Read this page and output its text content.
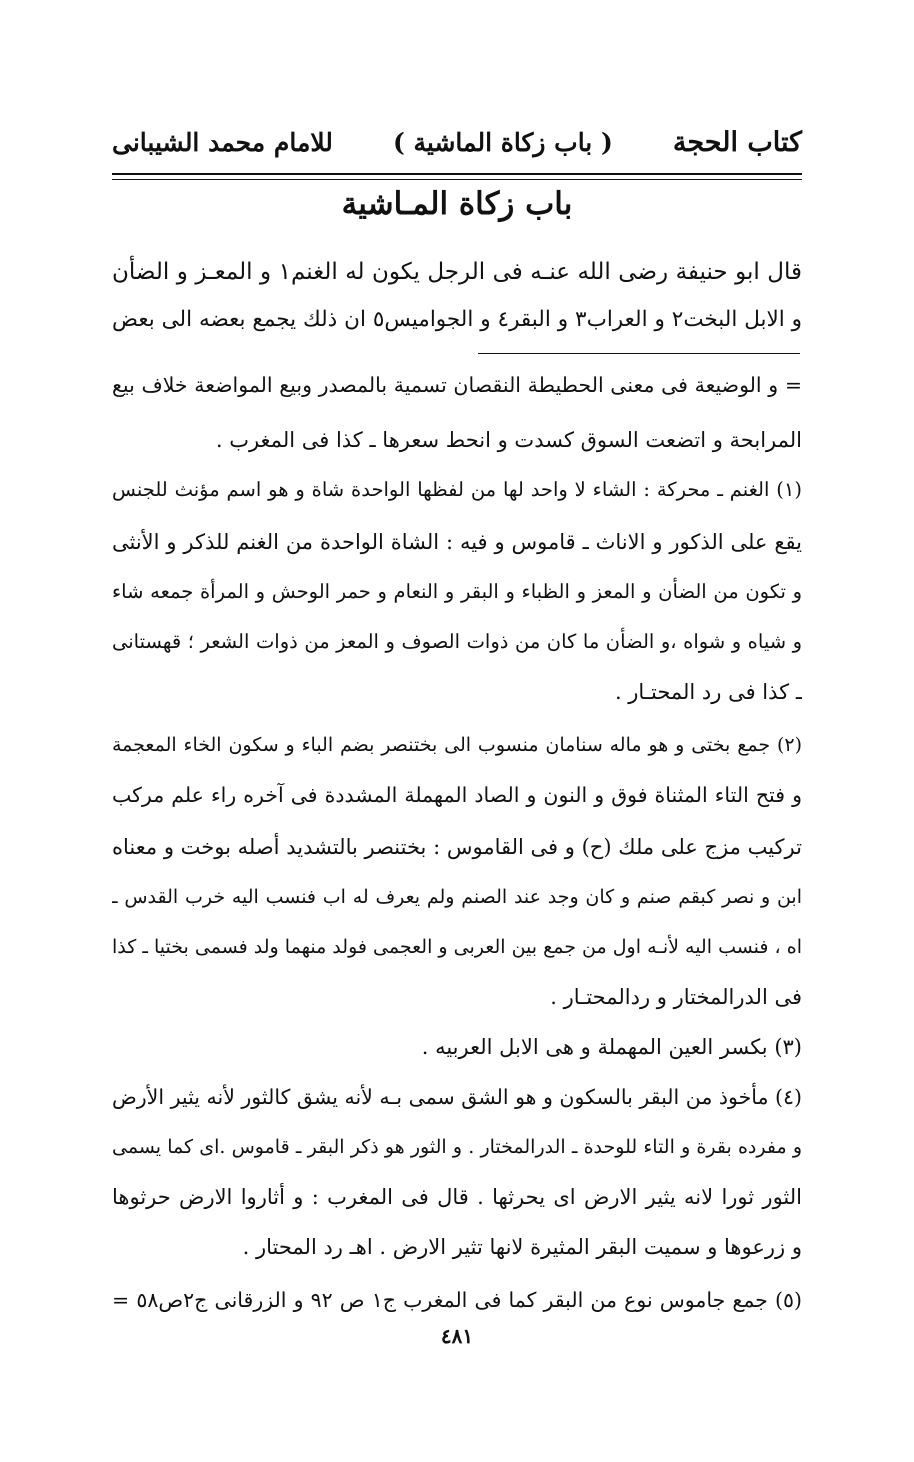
كتاب الحجة
( باب زكاة الماشية )
للامام محمد الشيبانى
باب زكاة المـاشية
قال ابو حنيفة رضى الله عنـه فى الرجل يكون له الغنم١ و المعـز و الضأن
و الابل البخت٢ و العراب٣ و البقر٤ و الجواميس٥ ان ذلك يجمع بعضه الى بعض
= و الوضيعة فى معنى الحطيطة النقصان تسمية بالمصدر وبيع المواضعة خلاف بيع
المرابحة و اتضعت السوق كسدت و انحط سعرها ـ كذا فى المغرب .
(١) الغنم ـ محركة : الشاء لا واحد لها من لفظها الواحدة شاة و هو اسم مؤنث للجنس
يقع على الذكور و الاناث ـ قاموس و فيه : الشاة الواحدة من الغنم للذكر و الأنثى
و تكون من الضأن و المعز و الظباء و البقر و النعام و حمر الوحش و المرأة جمعه شاء
و شياه و شواه ،و الضأن ما كان من ذوات الصوف و المعز من ذوات الشعر ؛ قهستانى
ـ كذا فى رد المحتـار .
(٢) جمع بختى و هو ماله سنامان منسوب الى بختنصر بضم الباء و سكون الخاء المعجمة
و فتح التاء المثناة فوق و النون و الصاد المهملة المشددة فى آخره راء علم مركب
تركيب مزج على ملك (ح) و فى القاموس : بختنصر بالتشديد أصله بوخت و معناه
ابن و نصر كبقم صنم و كان وجد عند الصنم ولم يعرف له اب فنسب اليه خرب القدس ـ
اه ، فنسب اليه لأنـه اول من جمع بين العربى و العجمى فولد منهما ولد فسمى بختيا ـ كذا
فى الدرالمختار و ردالمحتـار .
(٣) بكسر العين المهملة و هى الابل العربيه .
(٤) مأخوذ من البقر بالسكون و هو الشق سمى بـه لأنه يشق كالثور لأنه يثير الأرض
و مفرده بقرة و التاء للوحدة ـ الدرالمختار . و الثور هو ذكر البقر ـ قاموس .اى كما يسمى
الثور ثورا لانه يثير الارض اى يحرثها . قال فى المغرب : و أثاروا الارض حرثوها
و زرعوها و سميت البقر المثيرة لانها تثير الارض . اهـ رد المحتار .
(٥) جمع جاموس نوع من البقر كما فى المغرب ج١ ص ٩٢ و الزرقانى ج٢ص٥٨ =
٤٨١
